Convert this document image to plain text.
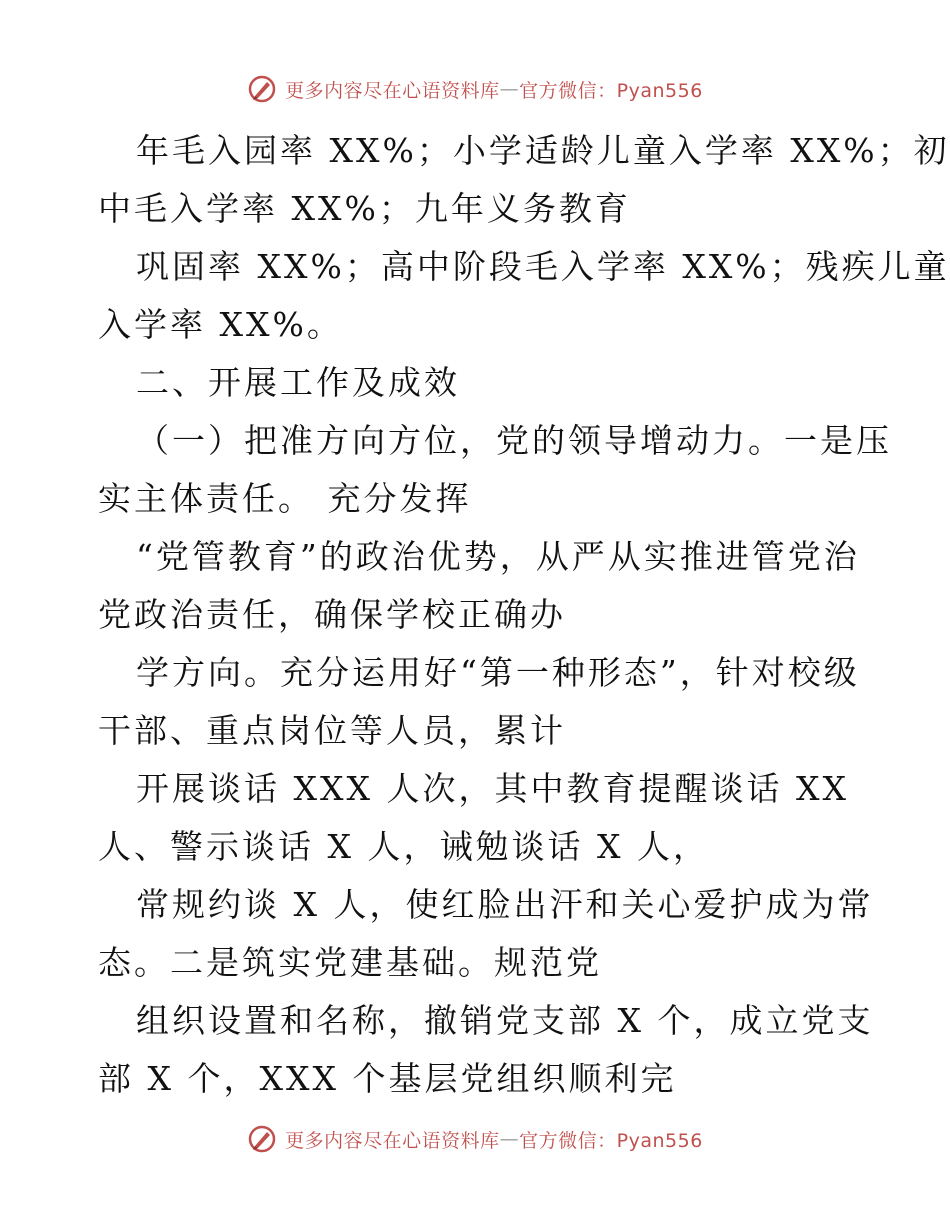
更多内容尽在心语资料库 — 官方微信：Pyan556
年毛入园率 XX%；小学适龄儿童入学率 XX%；初
中毛入学率 XX%；九年义务教育
巩固率 XX%；高中阶段毛入学率 XX%；残疾儿童
入学率 XX%。
二、开展工作及成效
（一）把准方向方位，党的领导增动力。一是压
实主体责任。 充分发挥
“党管教育”的政治优势，从严从实推进管党治
党政治责任，确保学校正确办
学方向。充分运用好“第一种形态”，针对校级
干部、重点岗位等人员，累计
开展谈话 XXX 人次，其中教育提醒谈话 XX
人、警示谈话 X 人，诫勉谈话 X 人，
常规约谈 X 人，使红脸出汗和关心爱护成为常
态。二是筑实党建基础。规范党
组织设置和名称，撤销党支部 X 个，成立党支
部 X 个，XXX 个基层党组织顺利完
更多内容尽在心语资料库 — 官方微信：Pyan556
